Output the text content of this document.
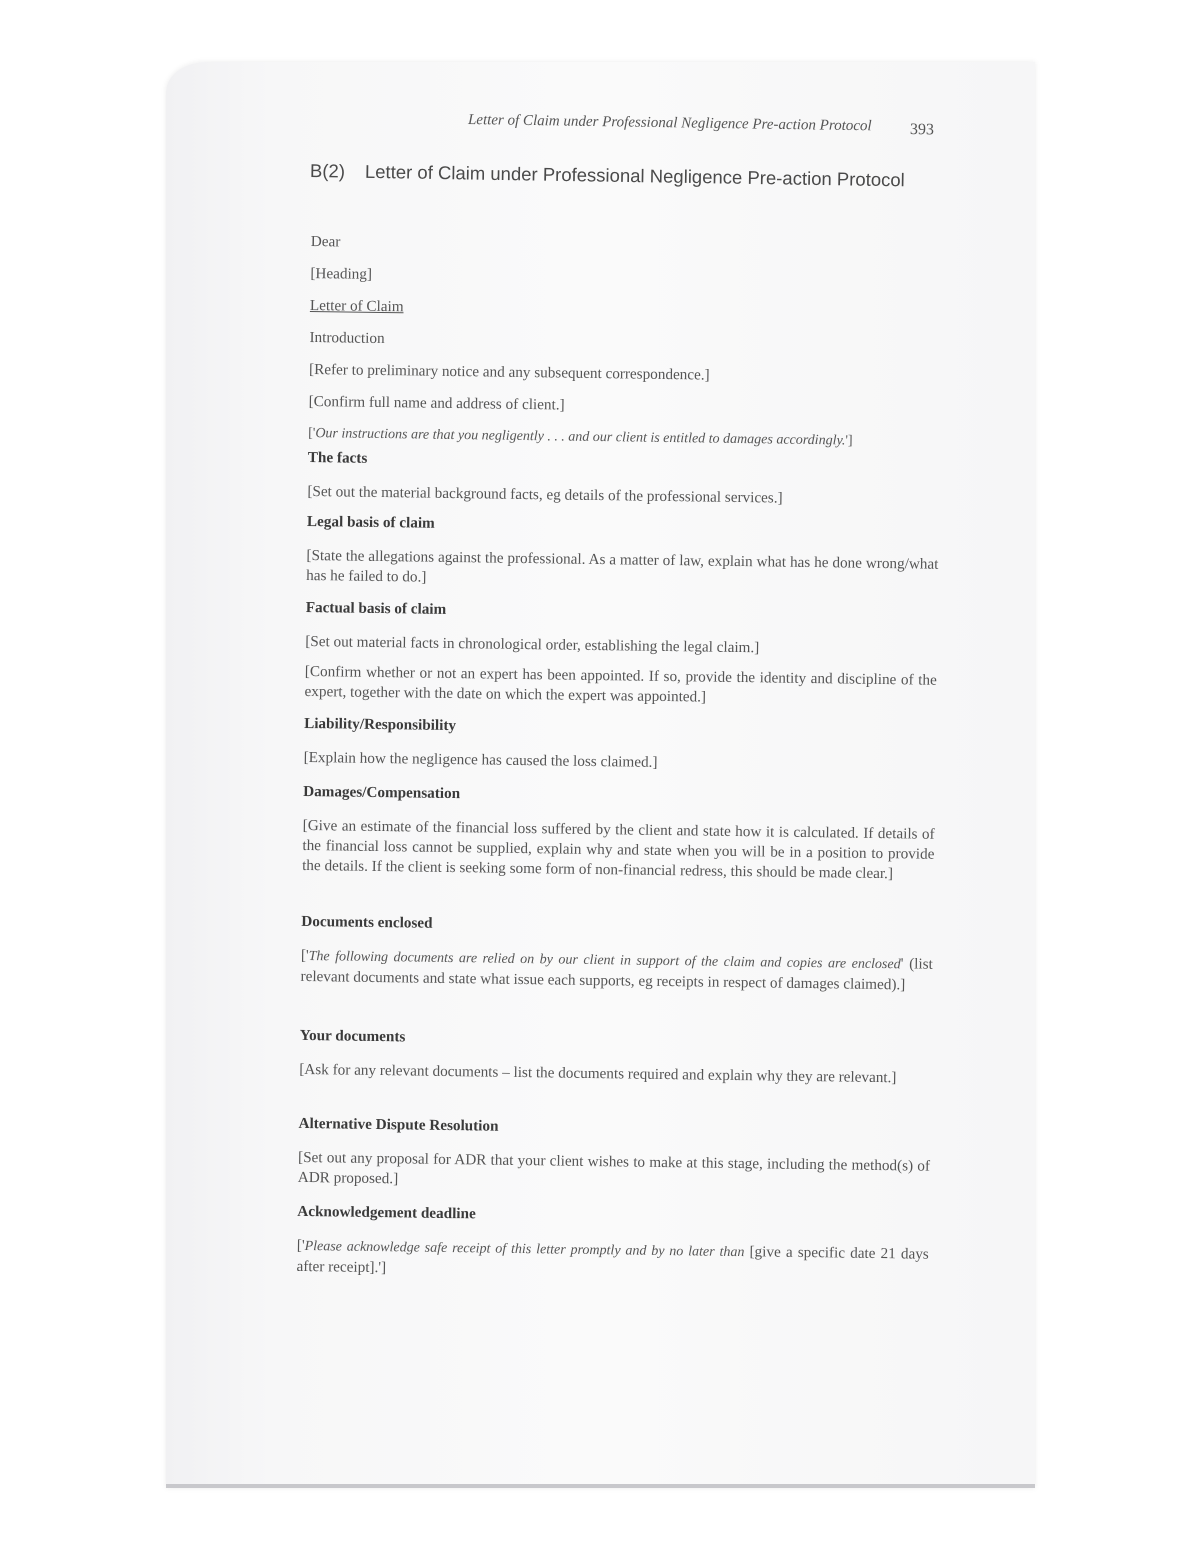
Letter of Claim under Professional Negligence Pre-action Protocol 393
B(2) Letter of Claim under Professional Negligence Pre-action Protocol
Dear
[Heading]
Letter of Claim
Introduction
[Refer to preliminary notice and any subsequent correspondence.]
[Confirm full name and address of client.]
['Our instructions are that you negligently . . . and our client is entitled to damages accordingly.']
The facts
[Set out the material background facts, eg details of the professional services.]
Legal basis of claim
[State the allegations against the professional. As a matter of law, explain what has he done wrong/what has he failed to do.]
Factual basis of claim
[Set out material facts in chronological order, establishing the legal claim.]
[Confirm whether or not an expert has been appointed. If so, provide the identity and discipline of the expert, together with the date on which the expert was appointed.]
Liability/Responsibility
[Explain how the negligence has caused the loss claimed.]
Damages/Compensation
[Give an estimate of the financial loss suffered by the client and state how it is calculated. If details of the financial loss cannot be supplied, explain why and state when you will be in a position to provide the details. If the client is seeking some form of non-financial redress, this should be made clear.]
Documents enclosed
['The following documents are relied on by our client in support of the claim and copies are enclosed' (list relevant documents and state what issue each supports, eg receipts in respect of damages claimed).]
Your documents
[Ask for any relevant documents – list the documents required and explain why they are relevant.]
Alternative Dispute Resolution
[Set out any proposal for ADR that your client wishes to make at this stage, including the method(s) of ADR proposed.]
Acknowledgement deadline
['Please acknowledge safe receipt of this letter promptly and by no later than [give a specific date 21 days after receipt].']
